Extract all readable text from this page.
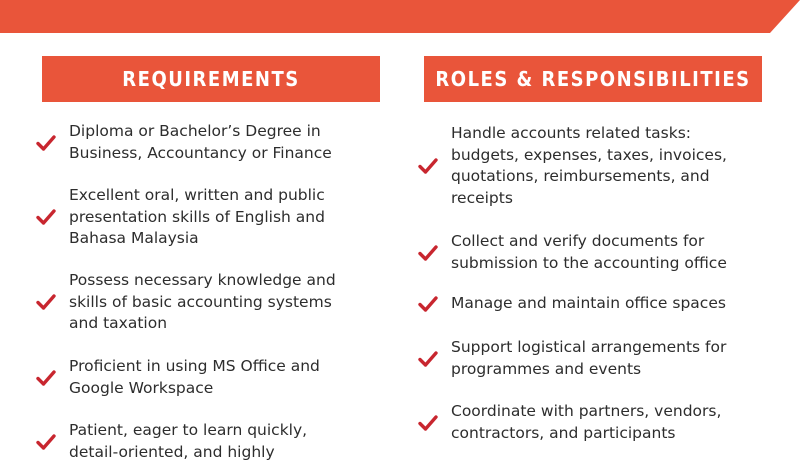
REQUIREMENTS	ROLES & RESPONSIBILITIES
Diploma or Bachelor’s Degree in
Business, Accountancy or Finance
Excellent oral, written and public
presentation skills of English and
Bahasa Malaysia
Possess necessary knowledge and
skills of basic accounting systems
and taxation
Proficient in using MS Office and
Google Workspace
Patient, eager to learn quickly,
detail-oriented, and highly
Handle accounts related tasks:
budgets, expenses, taxes, invoices,
quotations, reimbursements, and
receipts
Collect and verify documents for
submission to the accounting office
Manage and maintain office spaces
Support logistical arrangements for
programmes and events
Coordinate with partners, vendors,
contractors, and participants
